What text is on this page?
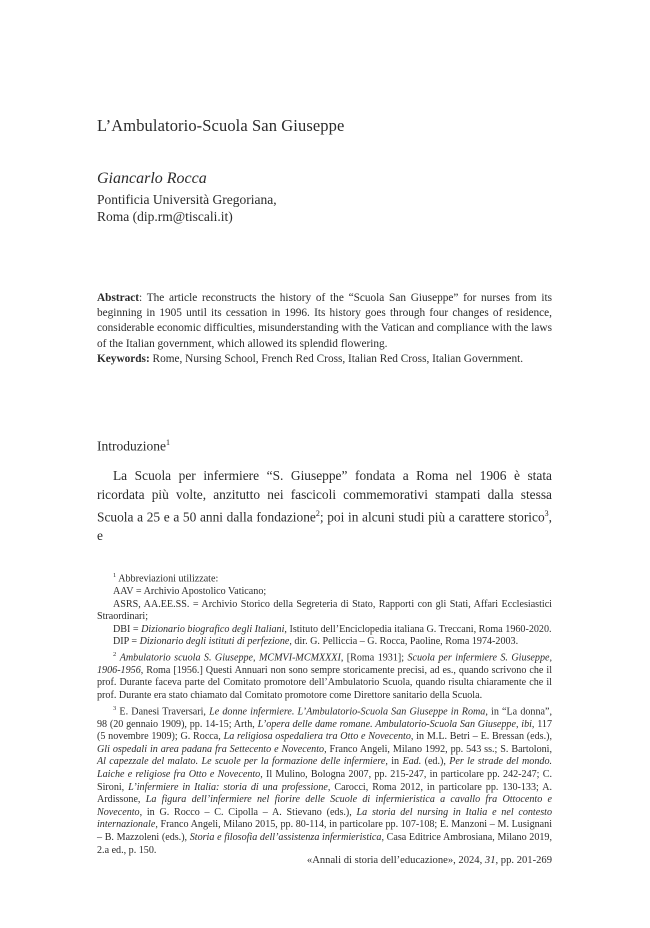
L’Ambulatorio-Scuola San Giuseppe
Giancarlo Rocca
Pontificia Università Gregoriana,
Roma (dip.rm@tiscali.it)
Abstract: The article reconstructs the history of the “Scuola San Giuseppe” for nurses from its beginning in 1905 until its cessation in 1996. Its history goes through four changes of residence, considerable economic difficulties, misunderstanding with the Vatican and compliance with the laws of the Italian government, which allowed its splendid flowering.
Keywords: Rome, Nursing School, French Red Cross, Italian Red Cross, Italian Government.
Introduzione$^1$
La Scuola per infermiere “S. Giuseppe” fondata a Roma nel 1906 è stata ricordata più volte, anzitutto nei fascicoli commemorativi stampati dalla stessa Scuola a 25 e a 50 anni dalla fondazione$^2$; poi in alcuni studi più a carattere storico$^3$, e

$^1$ Abbreviazioni utilizzate:

AAV = Archivio Apostolico Vaticano;

ASRS, AA.EE.SS. = Archivio Storico della Segreteria di Stato, Rapporti con gli Stati, Affari Ecclesiastici Straordinari;

DBI = Dizionario biografico degli Italiani, Istituto dell’Enciclopedia italiana G. Treccani, Roma 1960-2020.

DIP = Dizionario degli istituti di perfezione, dir. G. Pelliccia – G. Rocca, Paoline, Roma 1974-2003.

$^2$ Ambulatorio scuola S. Giuseppe, MCMVI-MCMXXXI, [Roma 1931]; Scuola per infermiere S. Giuseppe, 1906-1956, Roma [1956.] Questi Annuari non sono sempre storicamente precisi, ad es., quando scrivono che il prof. Durante faceva parte del Comitato promotore dell’Ambulatorio Scuola, quando risulta chiaramente che il prof. Durante era stato chiamato dal Comitato promotore come Direttore sanitario della Scuola.

$^3$ E. Danesi Traversari, Le donne infermiere. L’Ambulatorio-Scuola San Giuseppe in Roma, in “La donna”, 98 (20 gennaio 1909), pp. 14-15; Arth, L’opera delle dame romane. Ambulatorio-Scuola San Giuseppe, ibi, 117 (5 novembre 1909); G. Rocca, La religiosa ospedaliera tra Otto e Novecento, in M.L. Betri – E. Bressan (eds.), Gli ospedali in area padana fra Settecento e Novecento, Franco Angeli, Milano 1992, pp. 543 ss.; S. Bartoloni, Al capezzale del malato. Le scuole per la formazione delle infermiere, in Ead. (ed.), Per le strade del mondo. Laiche e religiose fra Otto e Novecento, Il Mulino, Bologna 2007, pp. 215-247, in particolare pp. 242-247; C. Sironi, L’infermiere in Italia: storia di una professione, Carocci, Roma 2012, in particolare pp. 130-133; A. Ardissone, La figura dell’infermiere nel fiorire delle Scuole di infermieristica a cavallo fra Ottocento e Novecento, in G. Rocco – C. Cipolla – A. Stievano (eds.), La storia del nursing in Italia e nel contesto internazionale, Franco Angeli, Milano 2015, pp. 80-114, in particolare pp. 107-108; E. Manzoni – M. Lusignani – B. Mazzoleni (eds.), Storia e filosofia dell’assistenza infermieristica, Casa Editrice Ambrosiana, Milano 2019, 2.a ed., p. 150.

«Annali di storia dell’educazione», 2024, 31, pp. 201-269
